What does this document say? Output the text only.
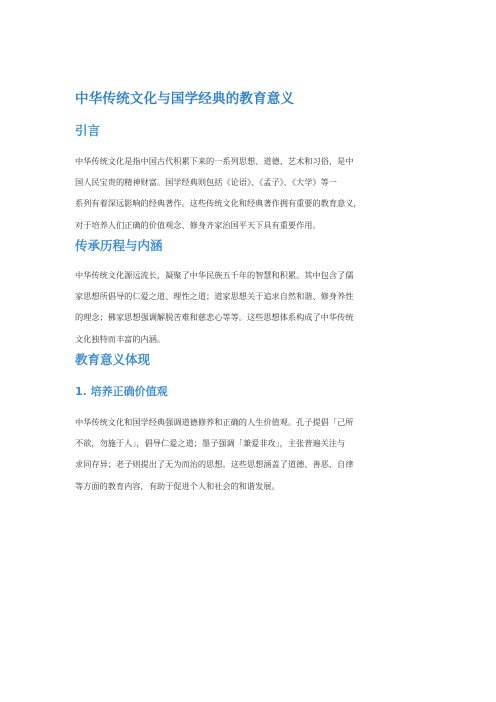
中华传统文化与国学经典的教育意义
引言
中华传统文化是指中国古代积累下来的一系列思想、道德、艺术和习俗，是中
国人民宝贵的精神财富。国学经典则包括《论语》、《孟子》、《大学》等一
系列有着深远影响的经典著作。这些传统文化和经典著作拥有重要的教育意义，
对于培养人们正确的价值观念、修身齐家治国平天下具有重要作用。
传承历程与内涵
中华传统文化源远流长，凝聚了中华民族五千年的智慧和积累。其中包含了儒
家思想所倡导的仁爱之道、理性之道；道家思想关于追求自然和谐、修身养性
的理念；佛家思想强调解脱苦难和慈悲心等等。这些思想体系构成了中华传统
文化独特而丰富的内涵。
教育意义体现
1. 培养正确价值观
中华传统文化和国学经典强调道德修养和正确的人生价值观。孔子提倡「己所
不欲，勿施于人」，倡导仁爱之道；墨子强调「兼爱非攻」，主张普遍关注与
求同存异；老子则提出了无为而治的思想。这些思想涵盖了道德、善恶、自律
等方面的教育内容，有助于促进个人和社会的和谐发展。
